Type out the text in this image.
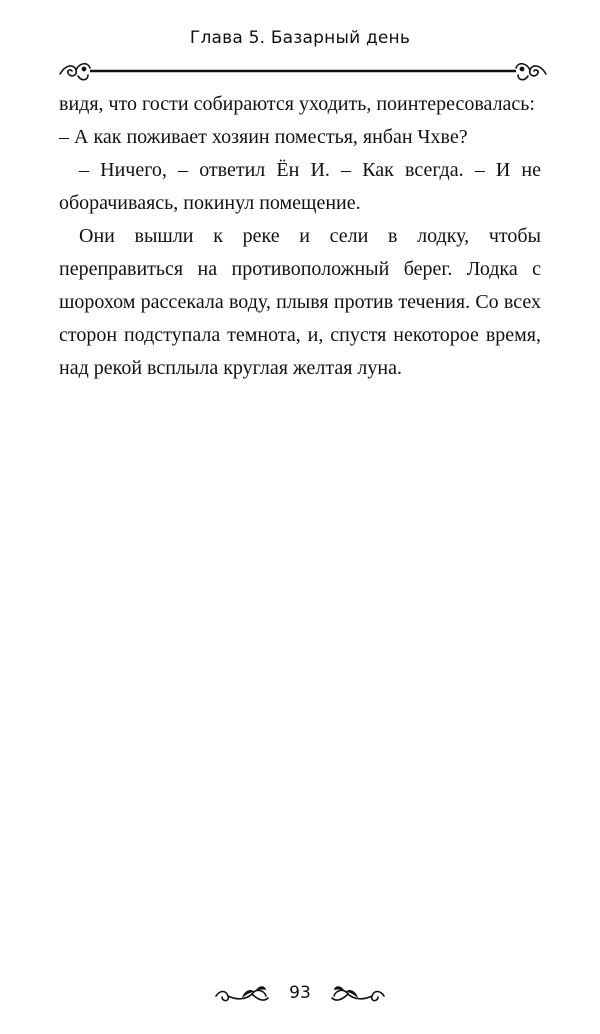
Глава 5. Базарный день

видя, что гости собираются уходить, поинтересовалась:

– А как поживает хозяин поместья, янбан Чхве?

– Ничего, – ответил Ён И. – Как всегда. – И не оборачиваясь, покинул помещение.

Они вышли к реке и сели в лодку, чтобы переправиться на противоположный берег. Лодка с шорохом рассекала воду, плывя против течения. Со всех сторон подступала темнота, и, спустя некоторое время, над рекой всплыла круглая желтая луна.

93
